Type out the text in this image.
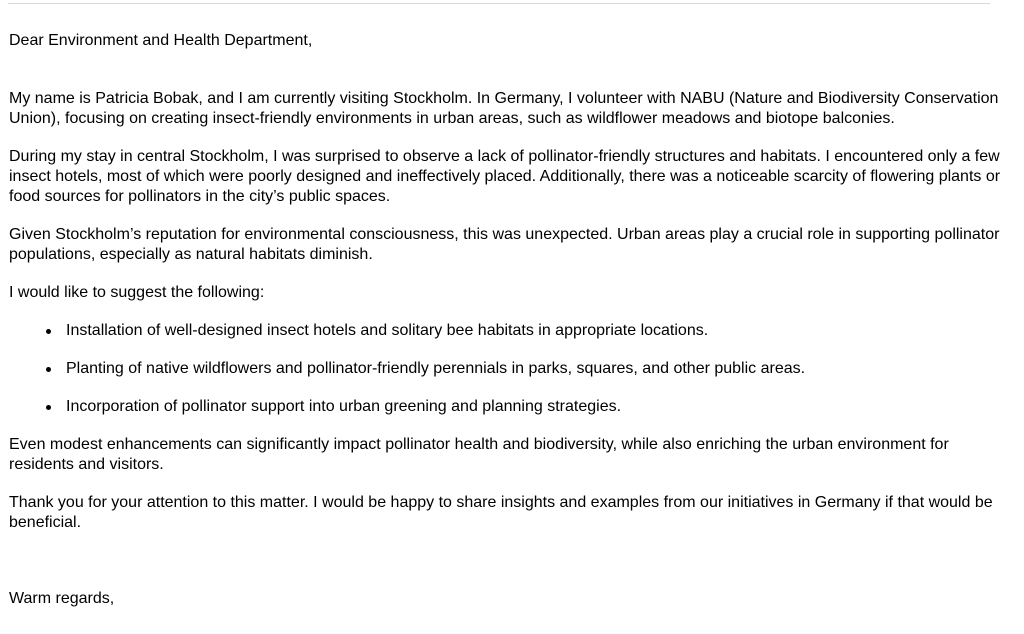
Dear Environment and Health Department,

My name is Patricia Bobak, and I am currently visiting Stockholm. In Germany, I volunteer with NABU (Nature and Biodiversity Conservation Union), focusing on creating insect-friendly environments in urban areas, such as wildflower meadows and biotope balconies.

During my stay in central Stockholm, I was surprised to observe a lack of pollinator-friendly structures and habitats. I encountered only a few insect hotels, most of which were poorly designed and ineffectively placed. Additionally, there was a noticeable scarcity of flowering plants or food sources for pollinators in the city’s public spaces.

Given Stockholm’s reputation for environmental consciousness, this was unexpected. Urban areas play a crucial role in supporting pollinator populations, especially as natural habitats diminish.

I would like to suggest the following:

Installation of well-designed insect hotels and solitary bee habitats in appropriate locations.
Planting of native wildflowers and pollinator-friendly perennials in parks, squares, and other public areas.
Incorporation of pollinator support into urban greening and planning strategies.

Even modest enhancements can significantly impact pollinator health and biodiversity, while also enriching the urban environment for residents and visitors.

Thank you for your attention to this matter. I would be happy to share insights and examples from our initiatives in Germany if that would be beneficial.

Warm regards,
